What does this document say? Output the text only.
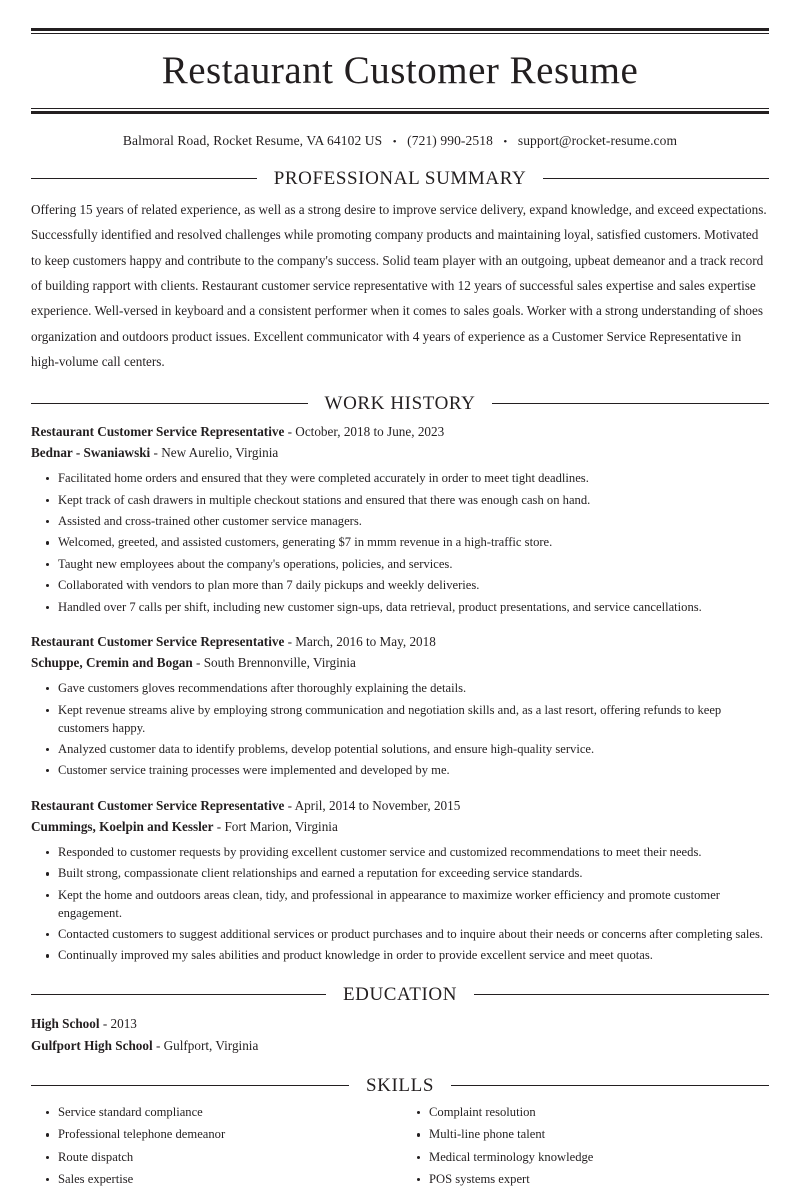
Restaurant Customer Resume
Balmoral Road, Rocket Resume, VA 64102 US • (721) 990-2518 • support@rocket-resume.com
PROFESSIONAL SUMMARY

Offering 15 years of related experience, as well as a strong desire to improve service delivery, expand knowledge, and exceed expectations. Successfully identified and resolved challenges while promoting company products and maintaining loyal, satisfied customers. Motivated to keep customers happy and contribute to the company's success. Solid team player with an outgoing, upbeat demeanor and a track record of building rapport with clients. Restaurant customer service representative with 12 years of successful sales expertise and sales expertise experience. Well-versed in keyboard and a consistent performer when it comes to sales goals. Worker with a strong understanding of shoes organization and outdoors product issues. Excellent communicator with 4 years of experience as a Customer Service Representative in high-volume call centers.

WORK HISTORY
Restaurant Customer Service Representative - October, 2018 to June, 2023
Bednar - Swaniawski - New Aurelio, Virginia
Facilitated home orders and ensured that they were completed accurately in order to meet tight deadlines.
Kept track of cash drawers in multiple checkout stations and ensured that there was enough cash on hand.
Assisted and cross-trained other customer service managers.
Welcomed, greeted, and assisted customers, generating $7 in mmm revenue in a high-traffic store.
Taught new employees about the company's operations, policies, and services.
Collaborated with vendors to plan more than 7 daily pickups and weekly deliveries.
Handled over 7 calls per shift, including new customer sign-ups, data retrieval, product presentations, and service cancellations.
Restaurant Customer Service Representative - March, 2016 to May, 2018
Schuppe, Cremin and Bogan - South Brennonville, Virginia
Gave customers gloves recommendations after thoroughly explaining the details.
Kept revenue streams alive by employing strong communication and negotiation skills and, as a last resort, offering refunds to keep customers happy.
Analyzed customer data to identify problems, develop potential solutions, and ensure high-quality service.
Customer service training processes were implemented and developed by me.
Restaurant Customer Service Representative - April, 2014 to November, 2015
Cummings, Koelpin and Kessler - Fort Marion, Virginia
Responded to customer requests by providing excellent customer service and customized recommendations to meet their needs.
Built strong, compassionate client relationships and earned a reputation for exceeding service standards.
Kept the home and outdoors areas clean, tidy, and professional in appearance to maximize worker efficiency and promote customer engagement.
Contacted customers to suggest additional services or product purchases and to inquire about their needs or concerns after completing sales.
Continually improved my sales abilities and product knowledge in order to provide excellent service and meet quotas.
EDUCATION
High School - 2013
Gulfport High School - Gulfport, Virginia
SKILLS
Service standard compliance
Professional telephone demeanor
Route dispatch
Sales expertise
Complaint resolution
Multi-line phone talent
Medical terminology knowledge
POS systems expert
